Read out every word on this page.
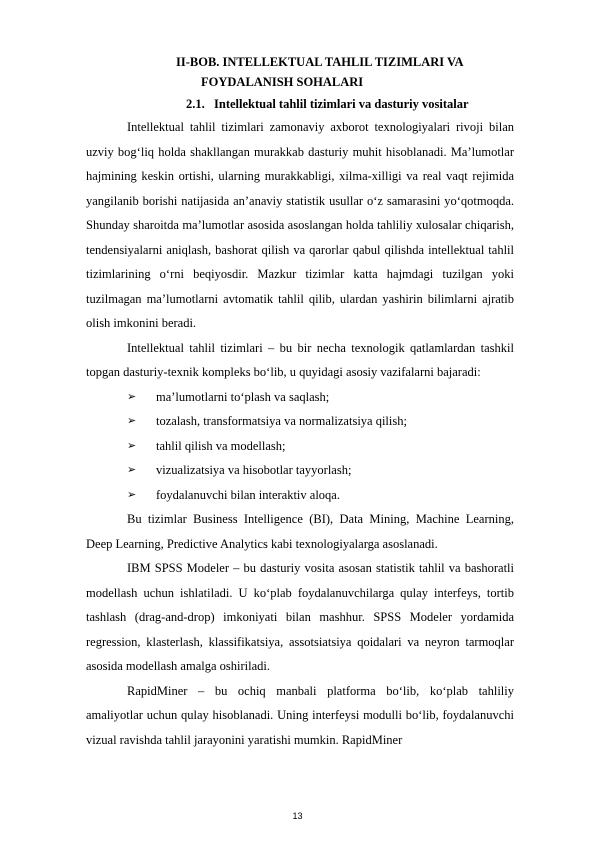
II-BOB. INTELLEKTUAL TAHLIL TIZIMLARI VA
FOYDALANISH SOHALARI
2.1. Intellektual tahlil tizimlari va dasturiy vositalar

Intellektual tahlil tizimlari zamonaviy axborot texnologiyalari rivoji bilan uzviy bog‘liq holda shakllangan murakkab dasturiy muhit hisoblanadi. Ma’lumotlar hajmining keskin ortishi, ularning murakkabligi, xilma-xilligi va real vaqt rejimida yangilanib borishi natijasida an’anaviy statistik usullar o‘z samarasini yo‘qotmoqda. Shunday sharoitda ma’lumotlar asosida asoslangan holda tahliliy xulosalar chiqarish, tendensiyalarni aniqlash, bashorat qilish va qarorlar qabul qilishda intellektual tahlil tizimlarining o‘rni beqiyosdir. Mazkur tizimlar katta hajmdagi tuzilgan yoki tuzilmagan ma’lumotlarni avtomatik tahlil qilib, ulardan yashirin bilimlarni ajratib olish imkonini beradi.

Intellektual tahlil tizimlari – bu bir necha texnologik qatlamlardan tashkil topgan dasturiy-texnik kompleks bo‘lib, u quyidagi asosiy vazifalarni bajaradi:

➢ ma’lumotlarni to‘plash va saqlash;
➢ tozalash, transformatsiya va normalizatsiya qilish;
➢ tahlil qilish va modellash;
➢ vizualizatsiya va hisobotlar tayyorlash;
➢ foydalanuvchi bilan interaktiv aloqa.

Bu tizimlar Business Intelligence (BI), Data Mining, Machine Learning, Deep Learning, Predictive Analytics kabi texnologiyalarga asoslanadi.

IBM SPSS Modeler – bu dasturiy vosita asosan statistik tahlil va bashoratli modellash uchun ishlatiladi. U ko‘plab foydalanuvchilarga qulay interfeys, tortib tashlash (drag-and-drop) imkoniyati bilan mashhur. SPSS Modeler yordamida regression, klasterlash, klassifikatsiya, assotsiatsiya qoidalari va neyron tarmoqlar asosida modellash amalga oshiriladi.

RapidMiner – bu ochiq manbali platforma bo‘lib, ko‘plab tahliliy amaliyotlar uchun qulay hisoblanadi. Uning interfeysi modulli bo‘lib, foydalanuvchi vizual ravishda tahlil jarayonini yaratishi mumkin. RapidMiner

13
